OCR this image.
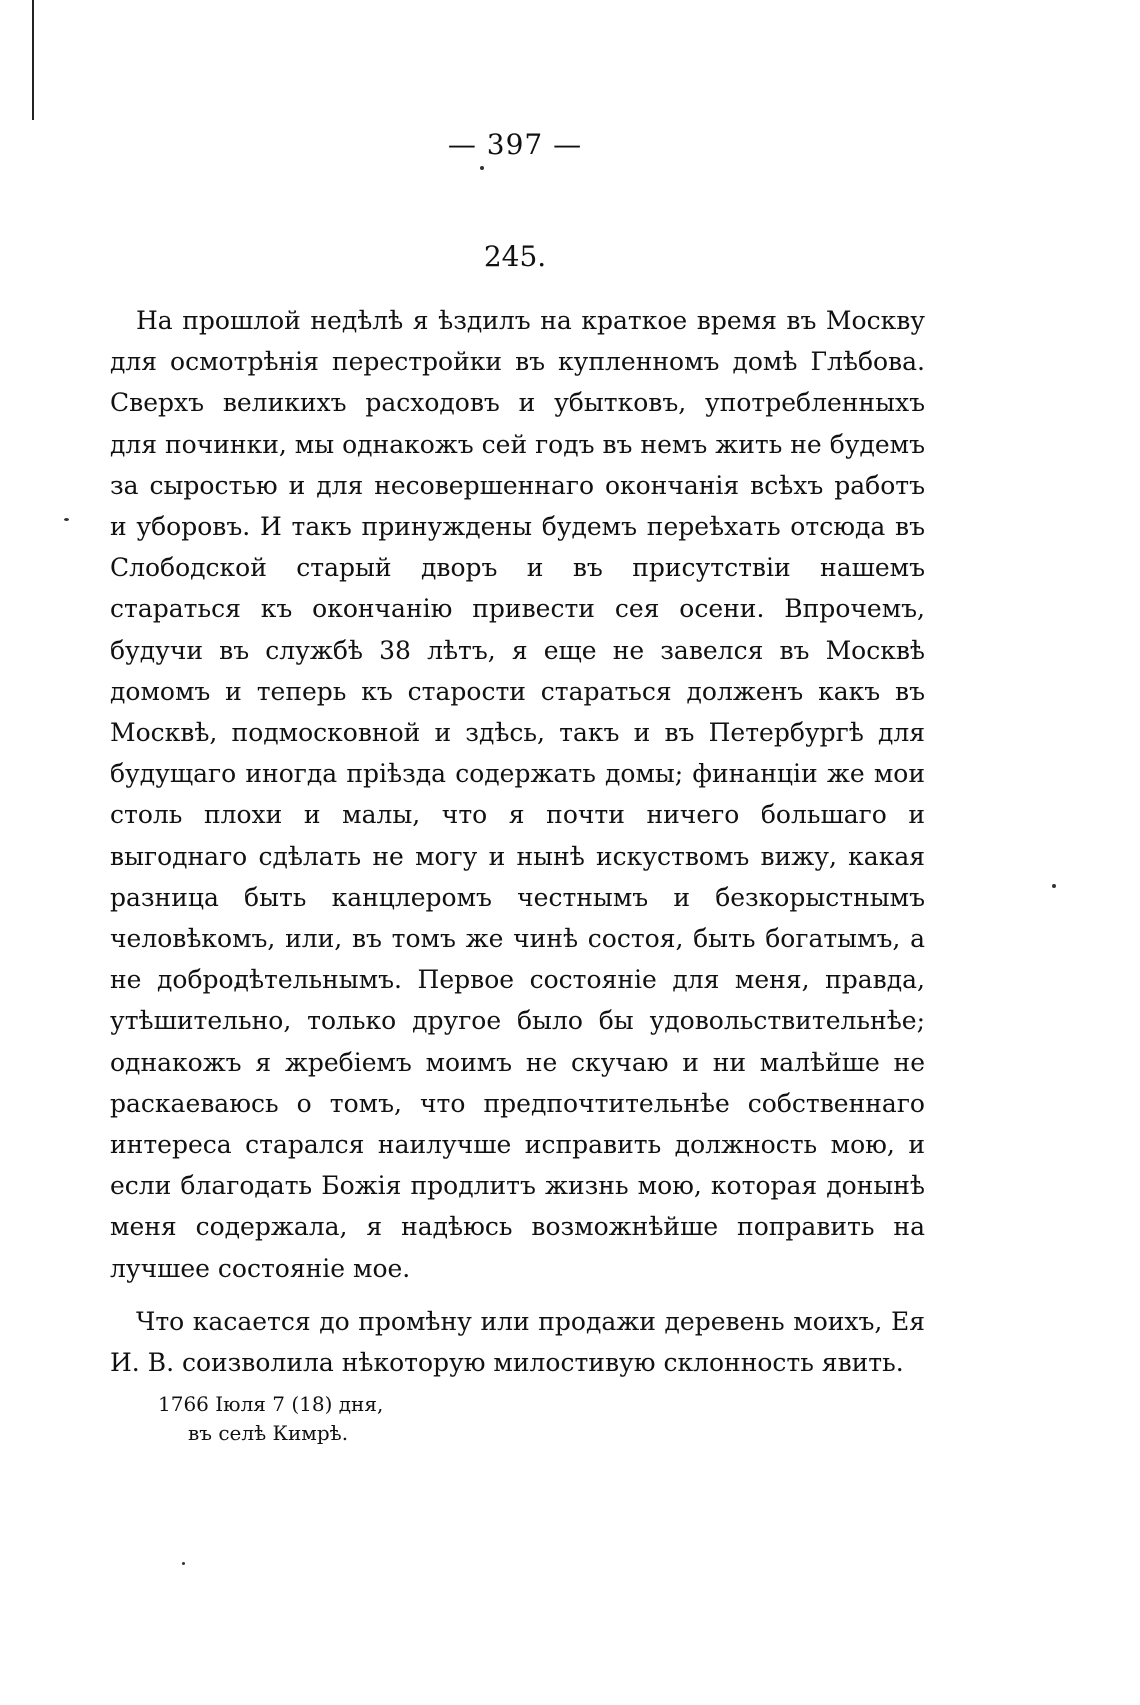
— 397 —
245.

На прошлой недѣлѣ я ѣздилъ на краткое время въ Москву для осмотрѣнія перестройки въ купленномъ домѣ Глѣбова. Сверхъ великихъ расходовъ и убытковъ, употребленныхъ для починки, мы однакожъ сей годъ въ немъ жить не будемъ за сыростью и для несовершеннаго окончанія всѣхъ работъ и уборовъ. И такъ принуждены будемъ переѣхать отсюда въ Слободской старый дворъ и въ присутствіи нашемъ стараться къ окончанію привести сея осени. Впрочемъ, будучи въ службѣ 38 лѣтъ, я еще не завелся въ Москвѣ домомъ и теперь къ старости стараться долженъ какъ въ Москвѣ, подмосковной и здѣсь, такъ и въ Петербургѣ для будущаго иногда пріѣзда содержать домы; финанціи же мои столь плохи и малы, что я почти ничего большаго и выгоднаго сдѣлать не могу и нынѣ искуствомъ вижу, какая разница быть канцлеромъ честнымъ и безкорыстнымъ человѣкомъ, или, въ томъ же чинѣ состоя, быть богатымъ, а не добродѣтельнымъ. Первое состояніе для меня, правда, утѣшительно, только другое было бы удовольствительнѣе; однакожъ я жребіемъ моимъ не скучаю и ни малѣйше не раскаеваюсь о томъ, что предпочтительнѣе собственнаго интереса старался наилучше исправить должность мою, и если благодать Божія продлитъ жизнь мою, которая донынѣ меня содержала, я надѣюсь возможнѣйше поправить на лучшее состояніе мое.

Что касается до промѣну или продажи деревень моихъ, Ея И. В. соизволила нѣкоторую милостивую склонность явить.

1766 Іюля 7 (18) дня,
въ селѣ Кимрѣ.
